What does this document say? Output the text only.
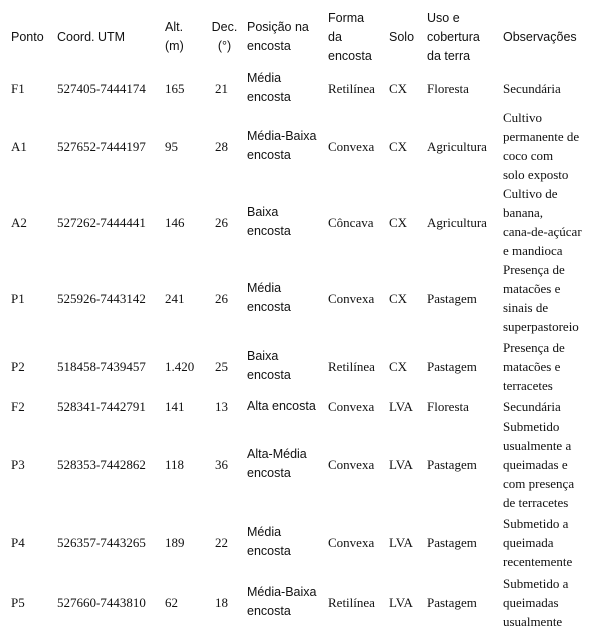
Ponto	Coord. UTM	Alt.
(m)	Dec.
(°)	Posição na
encosta	Forma
da
encosta	Solo	Uso e
cobertura
da terra	Observações
F1	527405-7444174	165	21	Média
encosta	Retilínea	CX	Floresta	Secundária
A1	527652-7444197	95	28	Média-Baixa
encosta	Convexa	CX	Agricultura	Cultivo
permanente de
coco com
solo exposto
A2	527262-7444441	146	26	Baixa
encosta	Côncava	CX	Agricultura	Cultivo de
banana,
cana-de-açúcar
e mandioca
P1	525926-7443142	241	26	Média
encosta	Convexa	CX	Pastagem	Presença de
matacões e
sinais de
superpastoreio
P2	518458-7439457	1.420	25	Baixa
encosta	Retilínea	CX	Pastagem	Presença de
matacões e
terracetes
F2	528341-7442791	141	13	Alta encosta	Convexa	LVA	Floresta	Secundária
P3	528353-7442862	118	36	Alta-Média
encosta	Convexa	LVA	Pastagem	Submetido
usualmente a
queimadas e
com presença
de terracetes
P4	526357-7443265	189	22	Média
encosta	Convexa	LVA	Pastagem	Submetido a
queimada
recentemente
P5	527660-7443810	62	18	Média-Baixa
encosta	Retilínea	LVA	Pastagem	Submetido a
queimadas
usualmente
